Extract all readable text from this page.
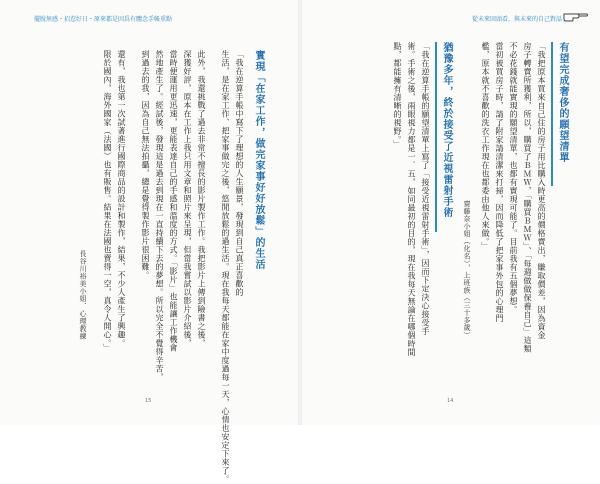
擺脫無感・招惹好日・原來都是因爲有體念手帳重點
實現「在家工作，做完家事好好放鬆」的生活
「我在逆算手帳中寫下了理想的人生願景，發現到自己真正喜歡的
生活，是在家工作、把家事做完之後，悠閒放鬆的過生活。現在我每天都能在家中度過每一天，心情也安定下來了。
此外，我還挑戰了過去非常不擅長的影片製作工作。我把影片上傳到險書之後，
深獲好評，原本在工作上我只用文章和照片來呈現，但當我嘗試以影片介紹後，
當時便運用更迅速，更能表達自己的手感和溫度的方式。「影片」也能讓工作機會
然地產生了。經試後，發現這是過去到現在一直持續下去的夢想。所以完全不覺得辛苦，
到過去的我，因為自己無法拍攝，總是覺得製作影片很困難。
還有，我也第一次試著進行國際商品的設計和製作，結果，不少人產生了興趣。
限於國內，海外國家（法國）也有販售。結果在法國也賣得一空，真令人開心。」
長谷川裕美小姐．心理教練
15
從未來回頭看，與未來的自己對話
有望完成奢侈的願望清單
「我把原本買來自己住的房子用比購入時更高的價格賣出，賺取價差，因為資金
房子轉賣所獲利，所以，購買了ＢＭＷ，「購買ＢＭＷ」、「每週做做保養自己」這類
不必花錢就能實現的願望清單，也都有實現可能了。目前我有五個夢想。
當初被買房子時，請了附家請清潔來打掃，因而降低了把家事外包的心理門
檻，原本就不喜歡的洗衣工作現在也都委由他人來做。」
齋藤奈小姐（化名），上班族（三十多歲）
猶豫多年，終於接受了近視雷射手術
「我在逆算手帳的願望清單上寫了「接受近視雷射手術」，因而下定決心接受手
術。手術之後，兩眼視力都是一．五，如同最初的目的，現在我每天無論在哪個時間
點，都能擁有清晰的視野。」
14
